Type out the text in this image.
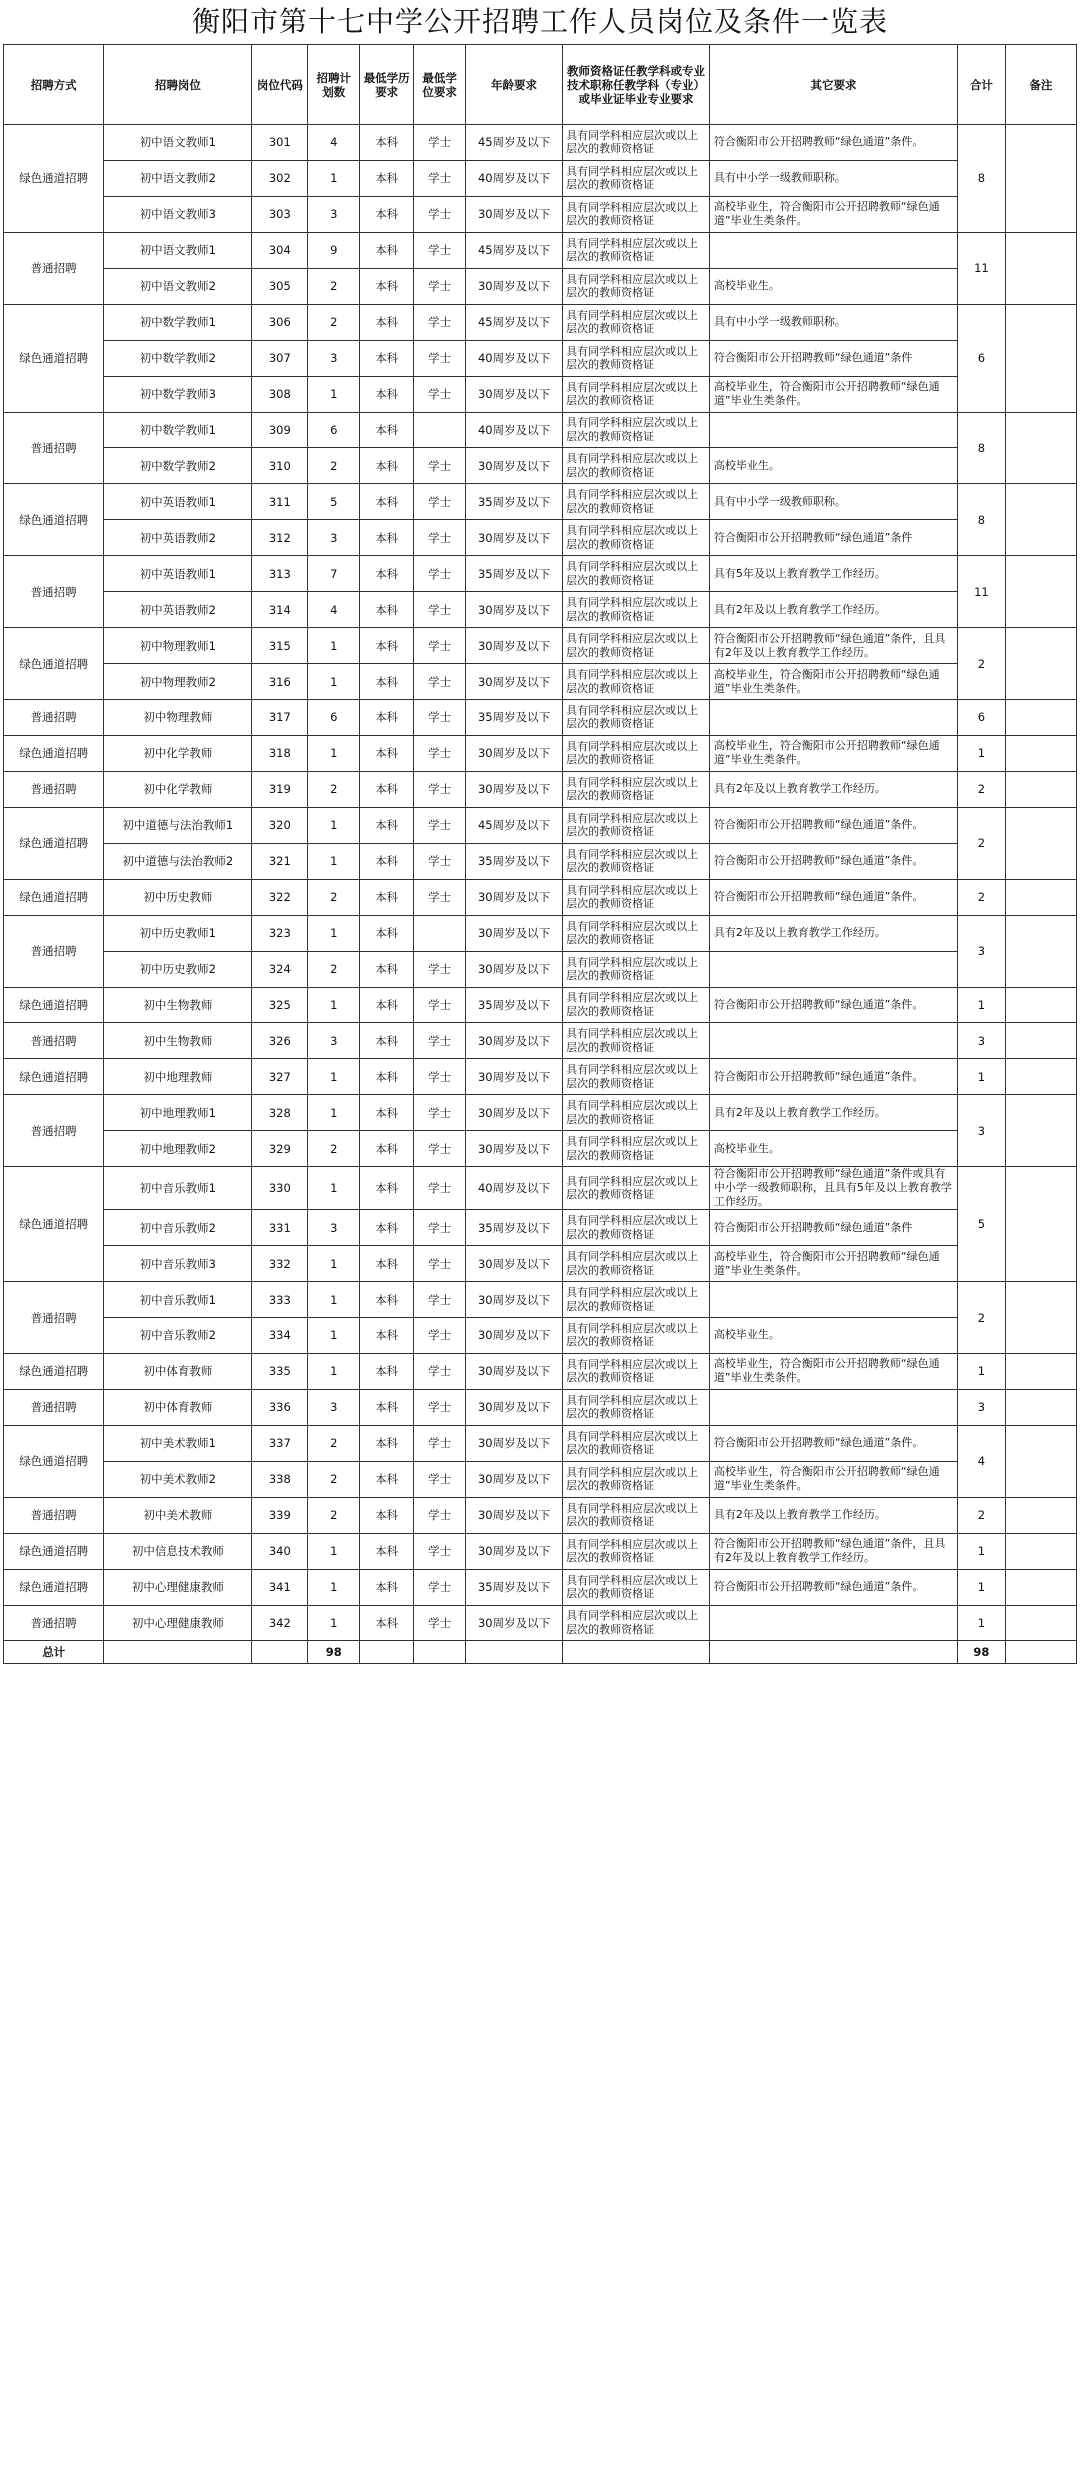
衡阳市第十七中学公开招聘工作人员岗位及条件一览表
招聘方式	招聘岗位	岗位代码	招聘计划数	最低学历要求	最低学位要求	年龄要求	教师资格证任教学科或专业技术职称任教学科（专业）或毕业证毕业专业要求	其它要求	合计	备注
绿色通道招聘	初中语文教师1	301	4	本科	学士	45周岁及以下	具有同学科相应层次或以上层次的教师资格证	符合衡阳市公开招聘教师“绿色通道”条件。	8	
	初中语文教师2	302	1	本科	学士	40周岁及以下	具有同学科相应层次或以上层次的教师资格证	具有中小学一级教师职称。		
	初中语文教师3	303	3	本科	学士	30周岁及以下	具有同学科相应层次或以上层次的教师资格证	高校毕业生，符合衡阳市公开招聘教师“绿色通道”毕业生类条件。		
普通招聘	初中语文教师1	304	9	本科	学士	45周岁及以下	具有同学科相应层次或以上层次的教师资格证		11	
	初中语文教师2	305	2	本科	学士	30周岁及以下	具有同学科相应层次或以上层次的教师资格证	高校毕业生。		
绿色通道招聘	初中数学教师1	306	2	本科	学士	45周岁及以下	具有同学科相应层次或以上层次的教师资格证	具有中小学一级教师职称。	6	
	初中数学教师2	307	3	本科	学士	40周岁及以下	具有同学科相应层次或以上层次的教师资格证	符合衡阳市公开招聘教师“绿色通道”条件		
	初中数学教师3	308	1	本科	学士	30周岁及以下	具有同学科相应层次或以上层次的教师资格证	高校毕业生，符合衡阳市公开招聘教师“绿色通道”毕业生类条件。		
普通招聘	初中数学教师1	309	6	本科		40周岁及以下	具有同学科相应层次或以上层次的教师资格证		8	
	初中数学教师2	310	2	本科	学士	30周岁及以下	具有同学科相应层次或以上层次的教师资格证	高校毕业生。		
绿色通道招聘	初中英语教师1	311	5	本科	学士	35周岁及以下	具有同学科相应层次或以上层次的教师资格证	具有中小学一级教师职称。	8	
	初中英语教师2	312	3	本科	学士	30周岁及以下	具有同学科相应层次或以上层次的教师资格证	符合衡阳市公开招聘教师“绿色通道”条件		
普通招聘	初中英语教师1	313	7	本科	学士	35周岁及以下	具有同学科相应层次或以上层次的教师资格证	具有5年及以上教育教学工作经历。	11	
	初中英语教师2	314	4	本科	学士	30周岁及以下	具有同学科相应层次或以上层次的教师资格证	具有2年及以上教育教学工作经历。		
绿色通道招聘	初中物理教师1	315	1	本科	学士	30周岁及以下	具有同学科相应层次或以上层次的教师资格证	符合衡阳市公开招聘教师“绿色通道”条件，且具有2年及以上教育教学工作经历。	2	
	初中物理教师2	316	1	本科	学士	30周岁及以下	具有同学科相应层次或以上层次的教师资格证	高校毕业生，符合衡阳市公开招聘教师“绿色通道”毕业生类条件。		
普通招聘	初中物理教师	317	6	本科	学士	35周岁及以下	具有同学科相应层次或以上层次的教师资格证		6	
绿色通道招聘	初中化学教师	318	1	本科	学士	30周岁及以下	具有同学科相应层次或以上层次的教师资格证	高校毕业生，符合衡阳市公开招聘教师“绿色通道”毕业生类条件。	1	
普通招聘	初中化学教师	319	2	本科	学士	30周岁及以下	具有同学科相应层次或以上层次的教师资格证	具有2年及以上教育教学工作经历。	2	
绿色通道招聘	初中道德与法治教师1	320	1	本科	学士	45周岁及以下	具有同学科相应层次或以上层次的教师资格证	符合衡阳市公开招聘教师“绿色通道”条件。	2	
	初中道德与法治教师2	321	1	本科	学士	35周岁及以下	具有同学科相应层次或以上层次的教师资格证	符合衡阳市公开招聘教师“绿色通道”条件。		
绿色通道招聘	初中历史教师	322	2	本科	学士	30周岁及以下	具有同学科相应层次或以上层次的教师资格证	符合衡阳市公开招聘教师“绿色通道”条件。	2	
普通招聘	初中历史教师1	323	1	本科		30周岁及以下	具有同学科相应层次或以上层次的教师资格证	具有2年及以上教育教学工作经历。	3	
	初中历史教师2	324	2	本科	学士	30周岁及以下	具有同学科相应层次或以上层次的教师资格证			
绿色通道招聘	初中生物教师	325	1	本科	学士	35周岁及以下	具有同学科相应层次或以上层次的教师资格证	符合衡阳市公开招聘教师“绿色通道”条件。	1	
普通招聘	初中生物教师	326	3	本科	学士	30周岁及以下	具有同学科相应层次或以上层次的教师资格证		3	
绿色通道招聘	初中地理教师	327	1	本科	学士	30周岁及以下	具有同学科相应层次或以上层次的教师资格证	符合衡阳市公开招聘教师“绿色通道”条件。	1	
普通招聘	初中地理教师1	328	1	本科	学士	30周岁及以下	具有同学科相应层次或以上层次的教师资格证	具有2年及以上教育教学工作经历。	3	
	初中地理教师2	329	2	本科	学士	30周岁及以下	具有同学科相应层次或以上层次的教师资格证	高校毕业生。		
绿色通道招聘	初中音乐教师1	330	1	本科	学士	40周岁及以下	具有同学科相应层次或以上层次的教师资格证	符合衡阳市公开招聘教师“绿色通道”条件或具有中小学一级教师职称，且具有5年及以上教育教学工作经历。	5	
	初中音乐教师2	331	3	本科	学士	35周岁及以下	具有同学科相应层次或以上层次的教师资格证	符合衡阳市公开招聘教师“绿色通道”条件		
	初中音乐教师3	332	1	本科	学士	30周岁及以下	具有同学科相应层次或以上层次的教师资格证	高校毕业生，符合衡阳市公开招聘教师“绿色通道”毕业生类条件。		
普通招聘	初中音乐教师1	333	1	本科	学士	30周岁及以下	具有同学科相应层次或以上层次的教师资格证		2	
	初中音乐教师2	334	1	本科	学士	30周岁及以下	具有同学科相应层次或以上层次的教师资格证	高校毕业生。		
绿色通道招聘	初中体育教师	335	1	本科	学士	30周岁及以下	具有同学科相应层次或以上层次的教师资格证	高校毕业生，符合衡阳市公开招聘教师“绿色通道”毕业生类条件。	1	
普通招聘	初中体育教师	336	3	本科	学士	30周岁及以下	具有同学科相应层次或以上层次的教师资格证		3	
绿色通道招聘	初中美术教师1	337	2	本科	学士	30周岁及以下	具有同学科相应层次或以上层次的教师资格证	符合衡阳市公开招聘教师“绿色通道”条件。	4	
	初中美术教师2	338	2	本科	学士	30周岁及以下	具有同学科相应层次或以上层次的教师资格证	高校毕业生，符合衡阳市公开招聘教师“绿色通道”毕业生类条件。		
普通招聘	初中美术教师	339	2	本科	学士	30周岁及以下	具有同学科相应层次或以上层次的教师资格证	具有2年及以上教育教学工作经历。	2	
绿色通道招聘	初中信息技术教师	340	1	本科	学士	30周岁及以下	具有同学科相应层次或以上层次的教师资格证	符合衡阳市公开招聘教师“绿色通道”条件，且具有2年及以上教育教学工作经历。	1	
绿色通道招聘	初中心理健康教师	341	1	本科	学士	35周岁及以下	具有同学科相应层次或以上层次的教师资格证	符合衡阳市公开招聘教师“绿色通道”条件。	1	
普通招聘	初中心理健康教师	342	1	本科	学士	30周岁及以下	具有同学科相应层次或以上层次的教师资格证		1	
总计			98						98	
